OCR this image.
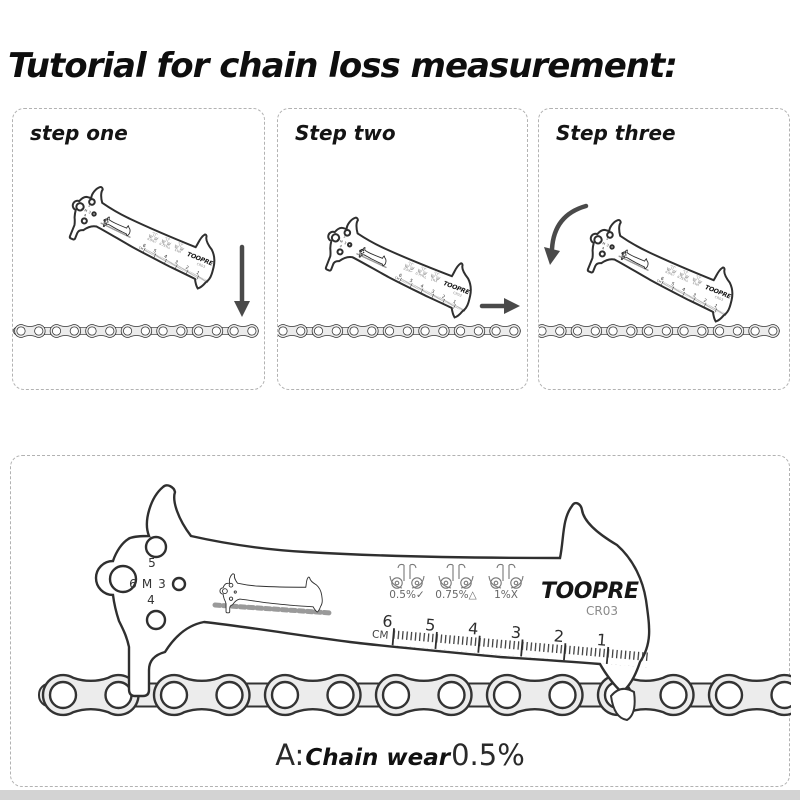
Tutorial for chain loss measurement:
step one	Step two	Step three
A: Chain wear 0.5%
